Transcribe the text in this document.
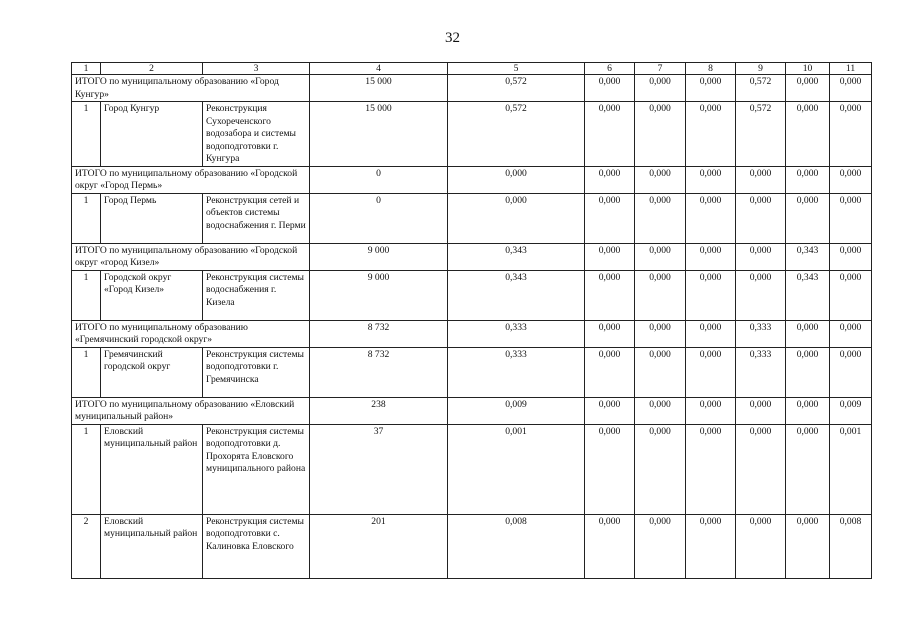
32
1	2	3	4	5	6	7	8	9	10	11
ИТОГО по муниципальному образованию «Город Кунгур»			15 000	0,572	0,000	0,000	0,000	0,572	0,000	0,000
1	Город Кунгур	Реконструкция Сухореченского водозабора и системы водоподготовки г. Кунгура	15 000	0,572	0,000	0,000	0,000	0,572	0,000	0,000
ИТОГО по муниципальному образованию «Городской округ «Город Пермь»			0	0,000	0,000	0,000	0,000	0,000	0,000	0,000
1	Город Пермь	Реконструкция сетей и объектов системы водоснабжения г. Перми	0	0,000	0,000	0,000	0,000	0,000	0,000	0,000
ИТОГО по муниципальному образованию «Городской округ «город Кизел»			9 000	0,343	0,000	0,000	0,000	0,000	0,343	0,000
1	Городской округ «Город Кизел»	Реконструкция системы водоснабжения г. Кизела	9 000	0,343	0,000	0,000	0,000	0,000	0,343	0,000
ИТОГО по муниципальному образованию «Гремячинский городской округ»			8 732	0,333	0,000	0,000	0,000	0,333	0,000	0,000
1	Гремячинский городской округ	Реконструкция системы водоподготовки г. Гремячинска	8 732	0,333	0,000	0,000	0,000	0,333	0,000	0,000
ИТОГО по муниципальному образованию «Еловский муниципальный район»			238	0,009	0,000	0,000	0,000	0,000	0,000	0,009
1	Еловский муниципальный район	Реконструкция системы водоподготовки д. Прохорята Еловского муниципального района	37	0,001	0,000	0,000	0,000	0,000	0,000	0,001
2	Еловский муниципальный район	Реконструкция системы водоподготовки с. Калиновка Еловского	201	0,008	0,000	0,000	0,000	0,000	0,000	0,008
